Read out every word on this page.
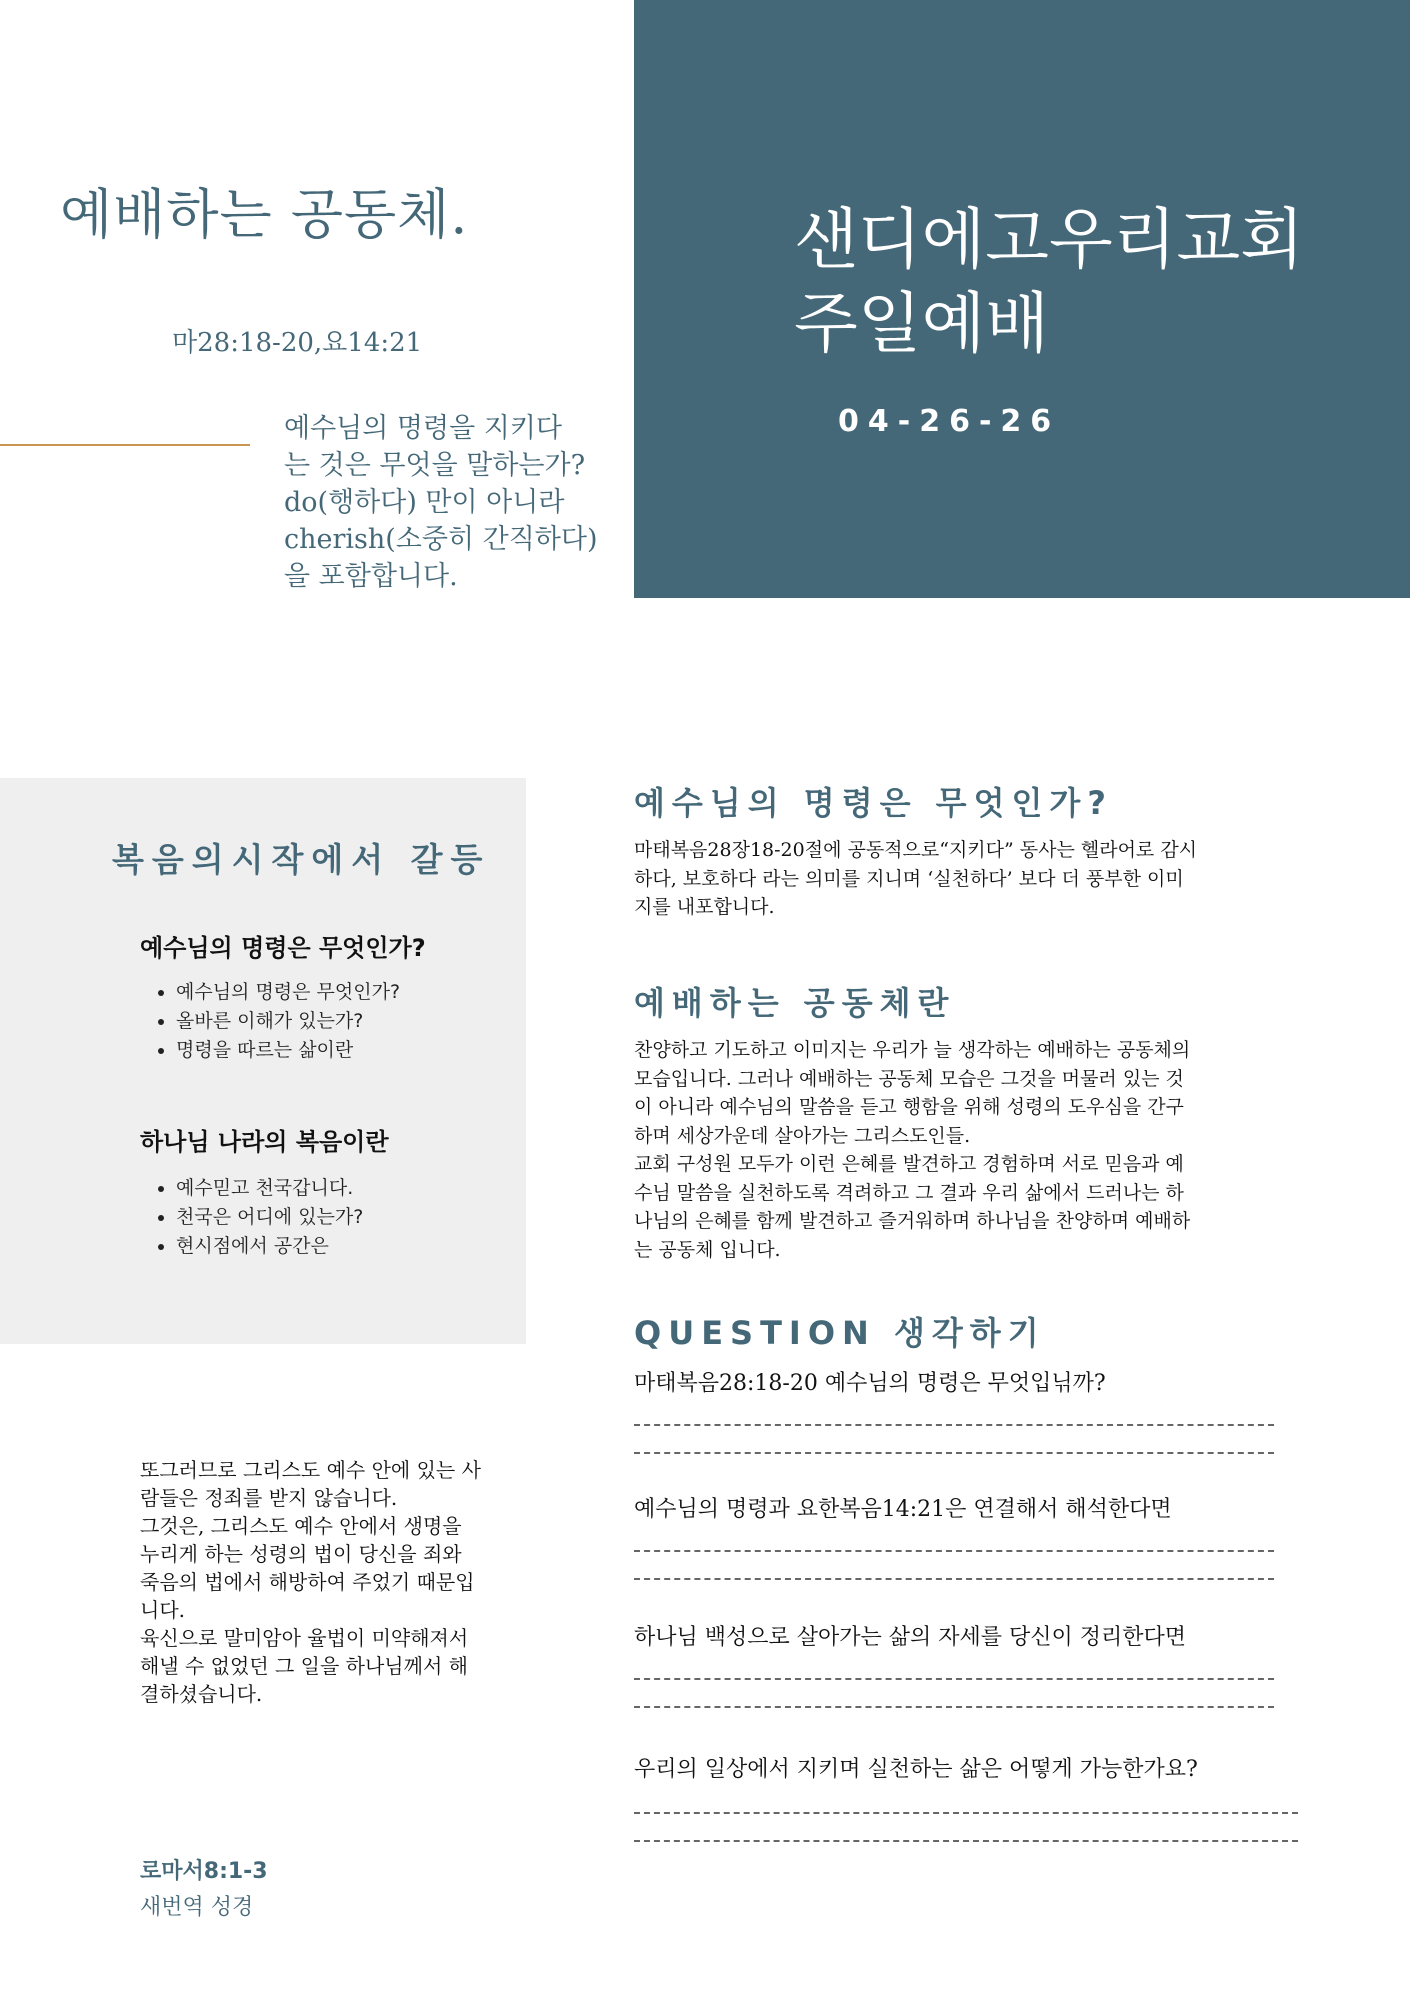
예배하는 공동체.
마28:18-20,요14:21
예수님의 명령을 지키다
는 것은 무엇을 말하는가?
do(행하다) 만이 아니라
cherish(소중히 간직하다)
을 포함합니다.
샌디에고우리교회
주일예배
04-26-26
복음의시작에서 갈등
예수님의 명령은 무엇인가?
• 예수님의 명령은 무엇인가?
• 올바른 이해가 있는가?
• 명령을 따르는 삶이란
하나님 나라의 복음이란
• 예수믿고 천국갑니다.
• 천국은 어디에 있는가?
• 현시점에서 공간은
또그러므로 그리스도 예수 안에 있는 사
람들은 정죄를 받지 않습니다.
그것은, 그리스도 예수 안에서 생명을
누리게 하는 성령의 법이 당신을 죄와
죽음의 법에서 해방하여 주었기 때문입
니다.
육신으로 말미암아 율법이 미약해져서
해낼 수 없었던 그 일을 하나님께서 해
결하셨습니다.
로마서8:1-3
새번역 성경
예수님의 명령은 무엇인가?
마태복음28장18-20절에 공동적으로“지키다” 동사는 헬라어로 감시
하다, 보호하다 라는 의미를 지니며 ‘실천하다’ 보다 더 풍부한 이미
지를 내포합니다.
예배하는 공동체란
찬양하고 기도하고 이미지는 우리가 늘 생각하는 예배하는 공동체의
모습입니다. 그러나 예배하는 공동체 모습은 그것을 머물러 있는 것
이 아니라 예수님의 말씀을 듣고 행함을 위해 성령의 도우심을 간구
하며 세상가운데 살아가는 그리스도인들.
교회 구성원 모두가 이런 은혜를 발견하고 경험하며 서로 믿음과 예
수님 말씀을 실천하도록 격려하고 그 결과 우리 삶에서 드러나는 하
나님의 은혜를 함께 발견하고 즐거워하며 하나님을 찬양하며 예배하
는 공동체 입니다.
QUESTION 생각하기
마태복음28:18-20 예수님의 명령은 무엇입닊까?
예수님의 명령과 요한복음14:21은 연결해서 해석한다면
하나님 백성으로 살아가는 삶의 자세를 당신이 정리한다면
우리의 일상에서 지키며 실천하는 삶은 어떻게 가능한가요?
